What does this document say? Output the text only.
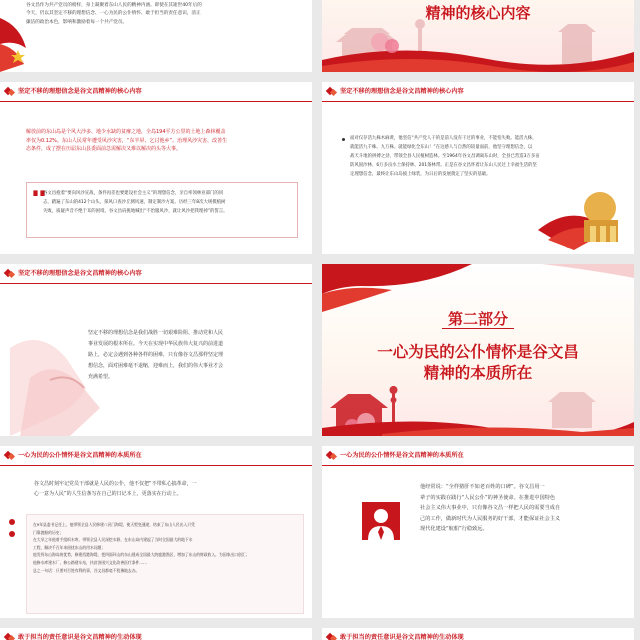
谷文昌作为共产党员的榜样，身上凝聚着东山人民的精神内涵。即使在其逝世40年后的
今天，仍以其坚定不移的理想信念、一心为民的公仆情怀、敢于担当的责任意识、清正
廉洁的政治本色，影响和激励着每一个共产党员。
精神的核心内容
坚定不移的理想信念是谷文昌精神的核心内容
解放前的东山岛是个风大沙多、地少水缺的贫瘠之地，全岛194平方公里的土地上森林覆盖
率仅为0.12%。东山人民常年遭受风沙灾害，“东半屏、乞讨他乡”。治理风沙灾害，改善生
态条件，成了摆在历届东山县委面前急需解决又难以解决的头等大事。
谷文昌抱着“要向风沙宣战，条件再差也要建设社会主义”的理想信念，亲自率领林业部门的同
志，踏遍了东山的412个山头，探风口查沙丘测风速，制定制沙方案。历经三年8次大规模植树
失败，质疑声音不绝于耳的困境，谷文昌肩挑地喊出“不治服风沙，就让风沙把我埋掉”的誓言。
坚定不移的理想信念是谷文昌精神的核心内容
面对仅存活九株木麻黄，他坚信“共产党人干的是前人没有干过的事业，不能怕失败。能活九株，
就能活九千株、九万株。就能绿化全东山！”在这感人与自然的较量面前，他坚守理想信念，以
战天斗地的拼搏之劲，带领全县人民植树造林。至1964年谷文昌调离东山时，全县已营造3万多亩
防风固沙林、6万多亩水土保持林、201条林带。正是在谷文昌怀着让东山人民过上幸福生活的坚
定理想信念，最终让东山岛披上绿装，为日后的发展奠定了坚实的基础。
坚定不移的理想信念是谷文昌精神的核心内容
坚定不移的理想信念是我们战胜一切艰难险阻、推动党和人民
事业发展的根本所在。今天在实现中华民族伟大复兴的前进道
路上，必定会遇到各种各样的困难，只有像谷文昌那样坚定理
想信念，面对困难毫不退缩，迎难而上，我们的伟大事业才会
充满希望。
第二部分
一心为民的公仆情怀是谷文昌
精神的本质所在
一心为民的公仆情怀是谷文昌精神的本质所在
谷文昌时刻牢记党员干部就是人民的公仆，他不仅把“不带私心搞革命，一
心一意为人民”的人生信条写在自己的日记本上，更落实在行动上。
在9年县委书记任上，他带领全县人民修建八河门海堤，使天堑变通途，结束了东山人民出入只凭
门靠渡船的历史；
在大旱之年他着手组织水库，带领全县人民深挖水源，在东山岛内建起了当时全国最大的地下水
工程，解决千百年来困扰东山的用水问题；
他发挥东山海岛的优势，修建西港海堤，把四面环山的东山建成全国最大的鹿港渔区，增加了东山的财政收入，为国家出口创汇；
他修水库建水厂，修公路建车站，扶贫济困兴文化改善医疗条件……
总之一句话：只要对百姓有利的事，谷文昌都毫不犹豫地去办。
一心为民的公仆情怀是谷文昌精神的本质所在
他经常说：“全样猪肝不如老百姓的口碑”。谷文昌用一
辈子的实践在践行“人民公仆”的神圣使命。在推进中国特色
社会主义伟大事业中，只有像谷文昌一样把人民的需要当成自
己的工作，做新时代为人民服务的好干部，才能保证社会主义
现代化建设“航船”行稳致远。
敢于担当的责任意识是谷文昌精神的生动体现	敢于担当的责任意识是谷文昌精神的生动体现
